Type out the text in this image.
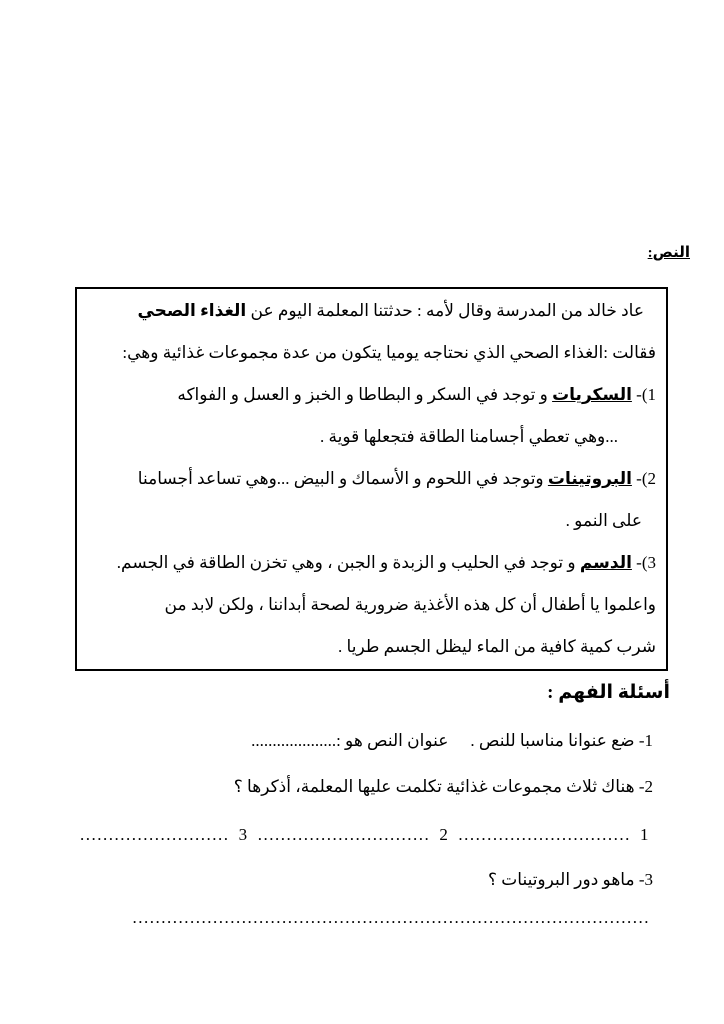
النص:

عاد خالد من المدرسة وقال لأمه : حدثتنا المعلمة اليوم عن الغذاء الصحي

فقالت :الغذاء الصحي الذي نحتاجه يوميا يتكون من عدة مجموعات غذائية وهي:

1)- السكريات و توجد في السكر و البطاطا و الخبز و العسل و الفواكه

...وهي تعطي أجسامنا الطاقة فتجعلها قوية .

2)- البروتينات وتوجد في اللحوم و الأسماك و البيض ...وهي تساعد أجسامنا

على النمو .

3)- الدسم و توجد في الحليب و الزبدة و الجبن ، وهي تخزن الطاقة في الجسم.

واعلموا يا أطفال أن كل هذه الأغذية ضرورية لصحة أبداننا ، ولكن لابد من

شرب كمية كافية من الماء ليظل الجسم طريا .

أسئلة الفهم :

1- ضع عنوانا مناسبا للنص .عنوان النص هو :....................

2- هناك ثلاث مجموعات غذائية تكلمت عليها المعلمة، أذكرها ؟

1
..............................
2
..............................
3
..........................

3- ماهو دور البروتينات ؟

..........................................................................................
